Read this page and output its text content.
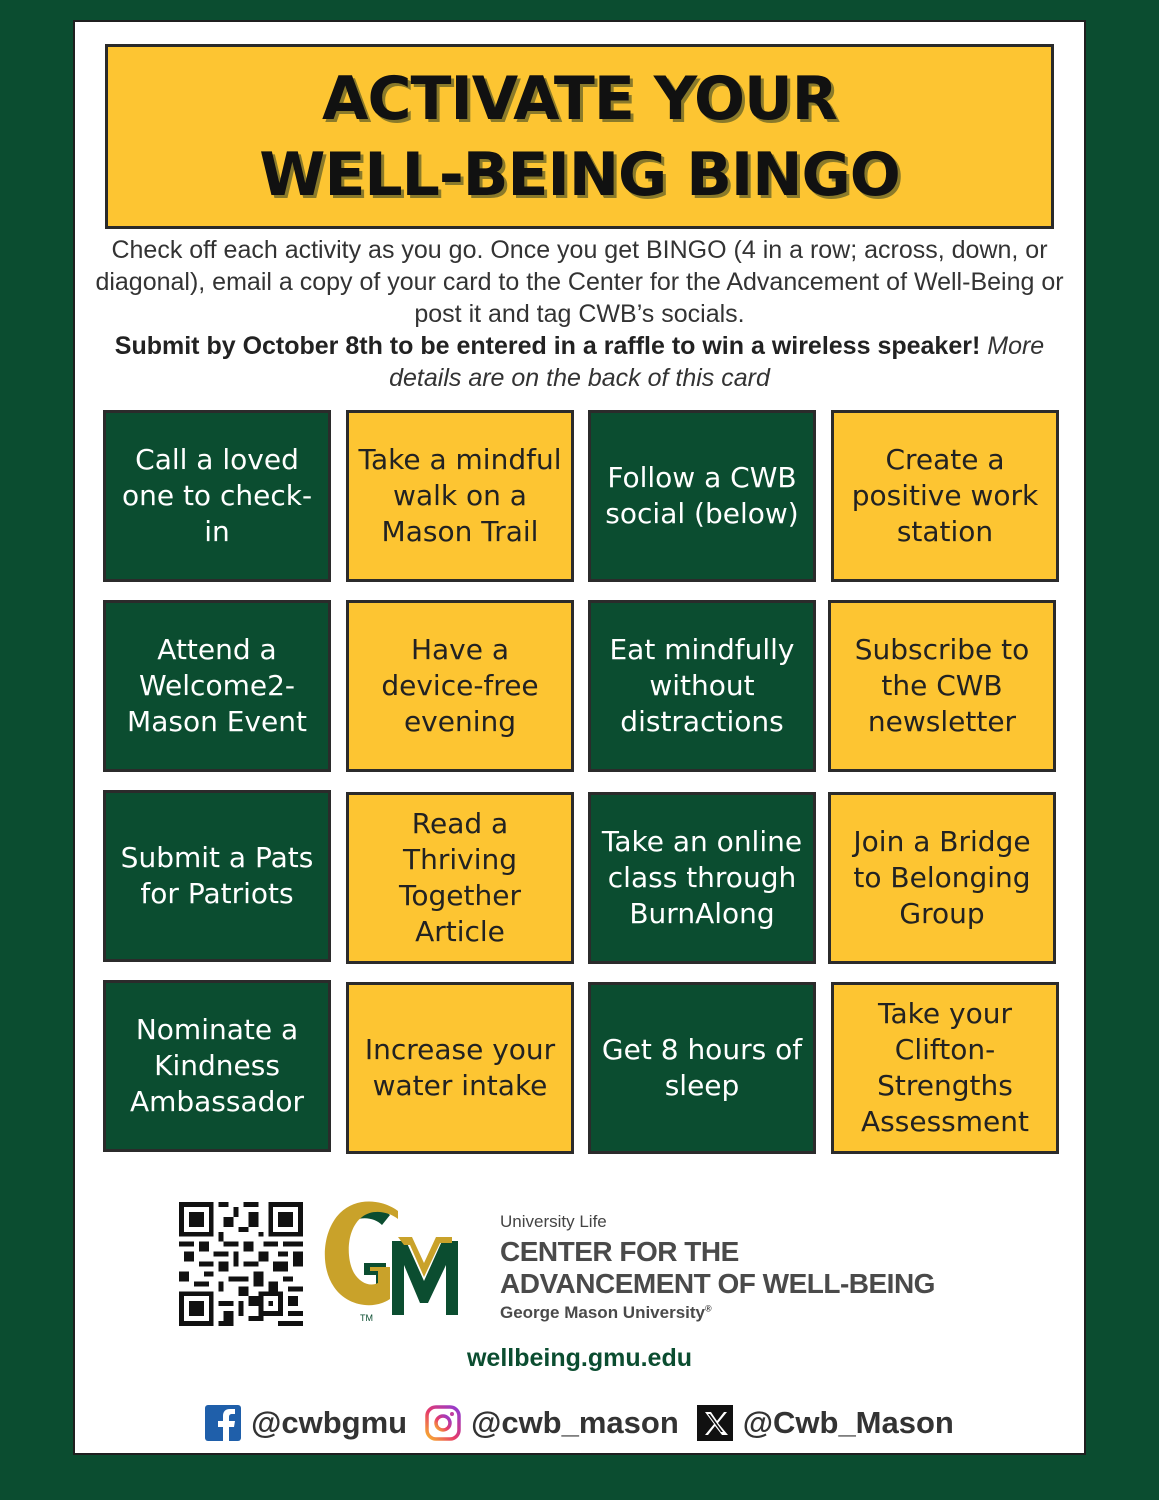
ACTIVATE YOUR
WELL-BEING BINGO
Check off each activity as you go. Once you get BINGO (4 in a row; across, down, or diagonal), email a copy of your card to the Center for the Advancement of Well-Being or post it and tag CWB’s socials.
Submit by October 8th to be entered in a raffle to win a wireless speaker! More details are on the back of this card
Call a loved one to check-in
Take a mindful walk on a Mason Trail
Follow a CWB social (below)
Create a positive work station
Attend a Welcome2-Mason Event
Have a device-free evening
Eat mindfully without distractions
Subscribe to the CWB newsletter
Submit a Pats for Patriots
Read a Thriving Together Article
Take an online class through BurnAlong
Join a Bridge to Belonging Group
Nominate a Kindness Ambassador
Increase your water intake
Get 8 hours of sleep
Take your Clifton-Strengths Assessment
TM
University Life
CENTER FOR THE
ADVANCEMENT OF WELL-BEING
George Mason University®
wellbeing.gmu.edu
@cwbgmu @cwb_mason @Cwb_Mason
